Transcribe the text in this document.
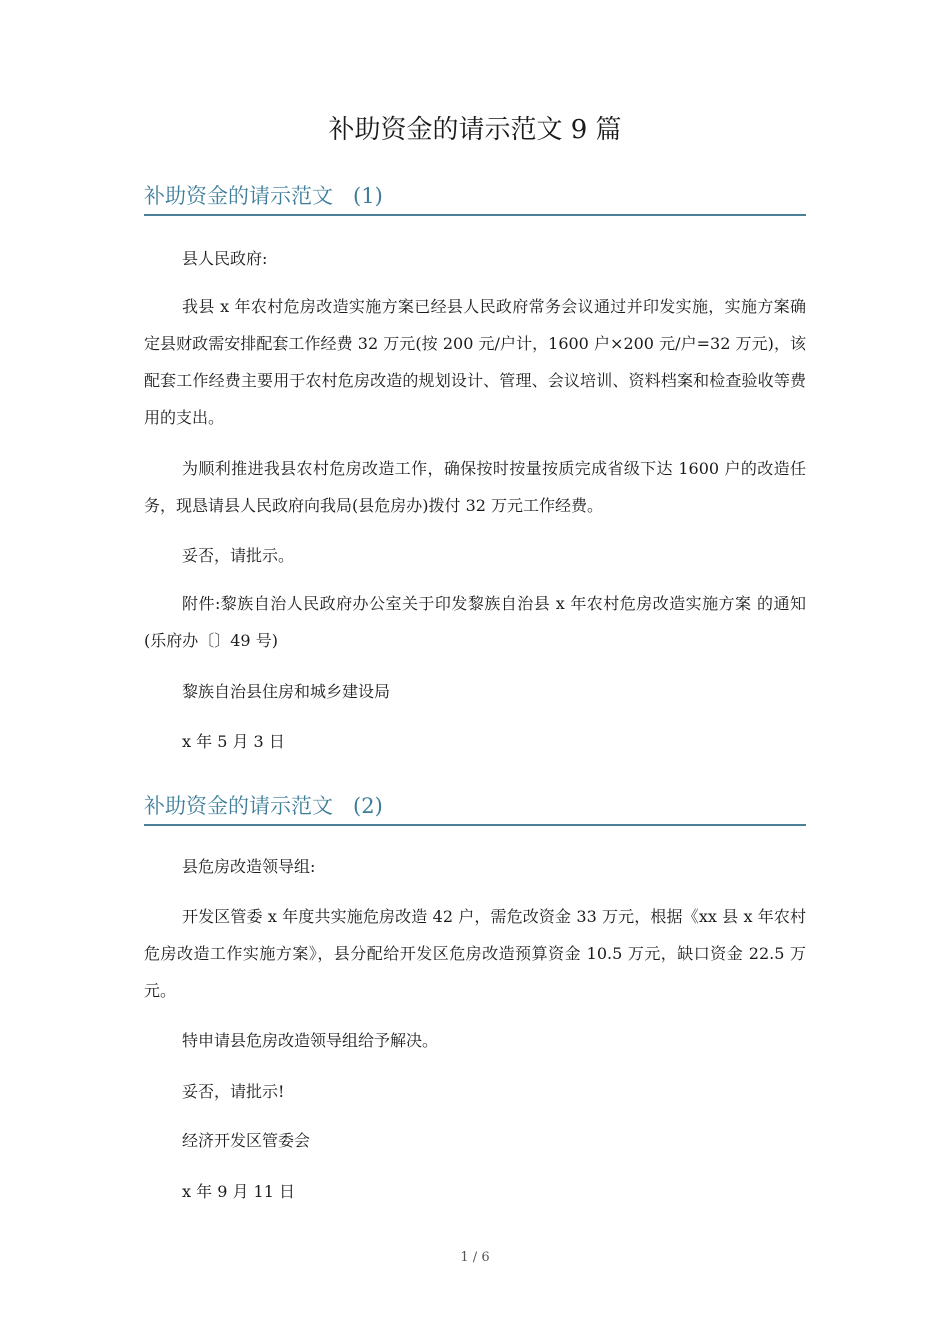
补助资金的请示范文 9 篇
补助资金的请示范文   (1)

县人民政府:

我县 x 年农村危房改造实施方案已经县人民政府常务会议通过并印发实施，实施方案确定县财政需安排配套工作经费 32 万元(按 200 元/户计，1600 户×200 元/户=32 万元)，该配套工作经费主要用于农村危房改造的规划设计、管理、会议培训、资料档案和检查验收等费用的支出。

为顺利推进我县农村危房改造工作，确保按时按量按质完成省级下达 1600 户的改造任务，现恳请县人民政府向我局(县危房办)拨付 32 万元工作经费。

妥否，请批示。

附件:黎族自治人民政府办公室关于印发黎族自治县 x 年农村危房改造实施方案 的通知(乐府办〔〕49 号)

黎族自治县住房和城乡建设局

x 年 5 月 3 日

补助资金的请示范文   (2)

县危房改造领导组:

开发区管委 x 年度共实施危房改造 42 户，需危改资金 33 万元，根据《xx 县 x 年农村危房改造工作实施方案》，县分配给开发区危房改造预算资金 10.5 万元，缺口资金 22.5 万元。

特申请县危房改造领导组给予解决。

妥否，请批示!

经济开发区管委会

x 年 9 月 11 日

1 / 6
